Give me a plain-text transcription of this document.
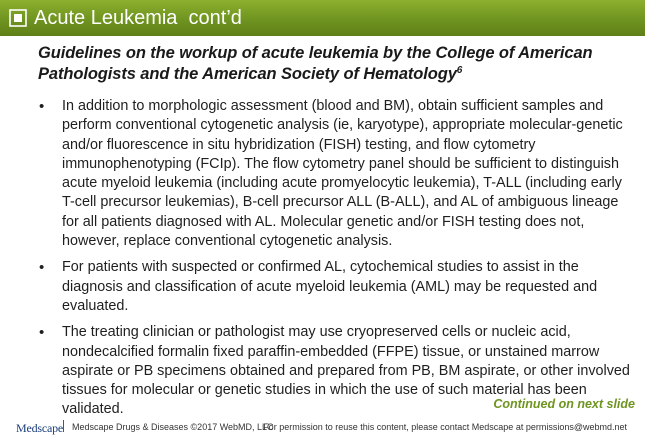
Acute Leukemia  cont’d
Guidelines on the workup of acute leukemia by the College of American Pathologists and the American Society of Hematology$^6$
• In addition to morphologic assessment (blood and BM), obtain sufficient samples and perform conventional cytogenetic analysis (ie, karyotype), appropriate molecular-genetic and/or fluorescence in situ hybridization (FISH) testing, and flow cytometry immunophenotyping (FCIp). The flow cytometry panel should be sufficient to distinguish acute myeloid leukemia (including acute promyelocytic leukemia), T-ALL (including early T-cell precursor leukemias), B-cell precursor ALL (B-ALL), and AL of ambiguous lineage for all patients diagnosed with AL. Molecular genetic and/or FISH testing does not, however, replace conventional cytogenetic analysis.
• For patients with suspected or confirmed AL, cytochemical studies to assist in the diagnosis and classification of acute myeloid leukemia (AML) may be requested and evaluated.
• The treating clinician or pathologist may use cryopreserved cells or nucleic acid, nondecalcified formalin fixed paraffin-embedded (FFPE) tissue, or unstained marrow aspirate or PB specimens obtained and prepared from PB, BM aspirate, or other involved tissues for molecular or genetic studies in which the use of such material has been validated.	Continued on next slide
Medscape Medscape Drugs & Diseases ©2017 WebMD, LLC
For permission to reuse this content, please contact Medscape at permissions@webmd.net
